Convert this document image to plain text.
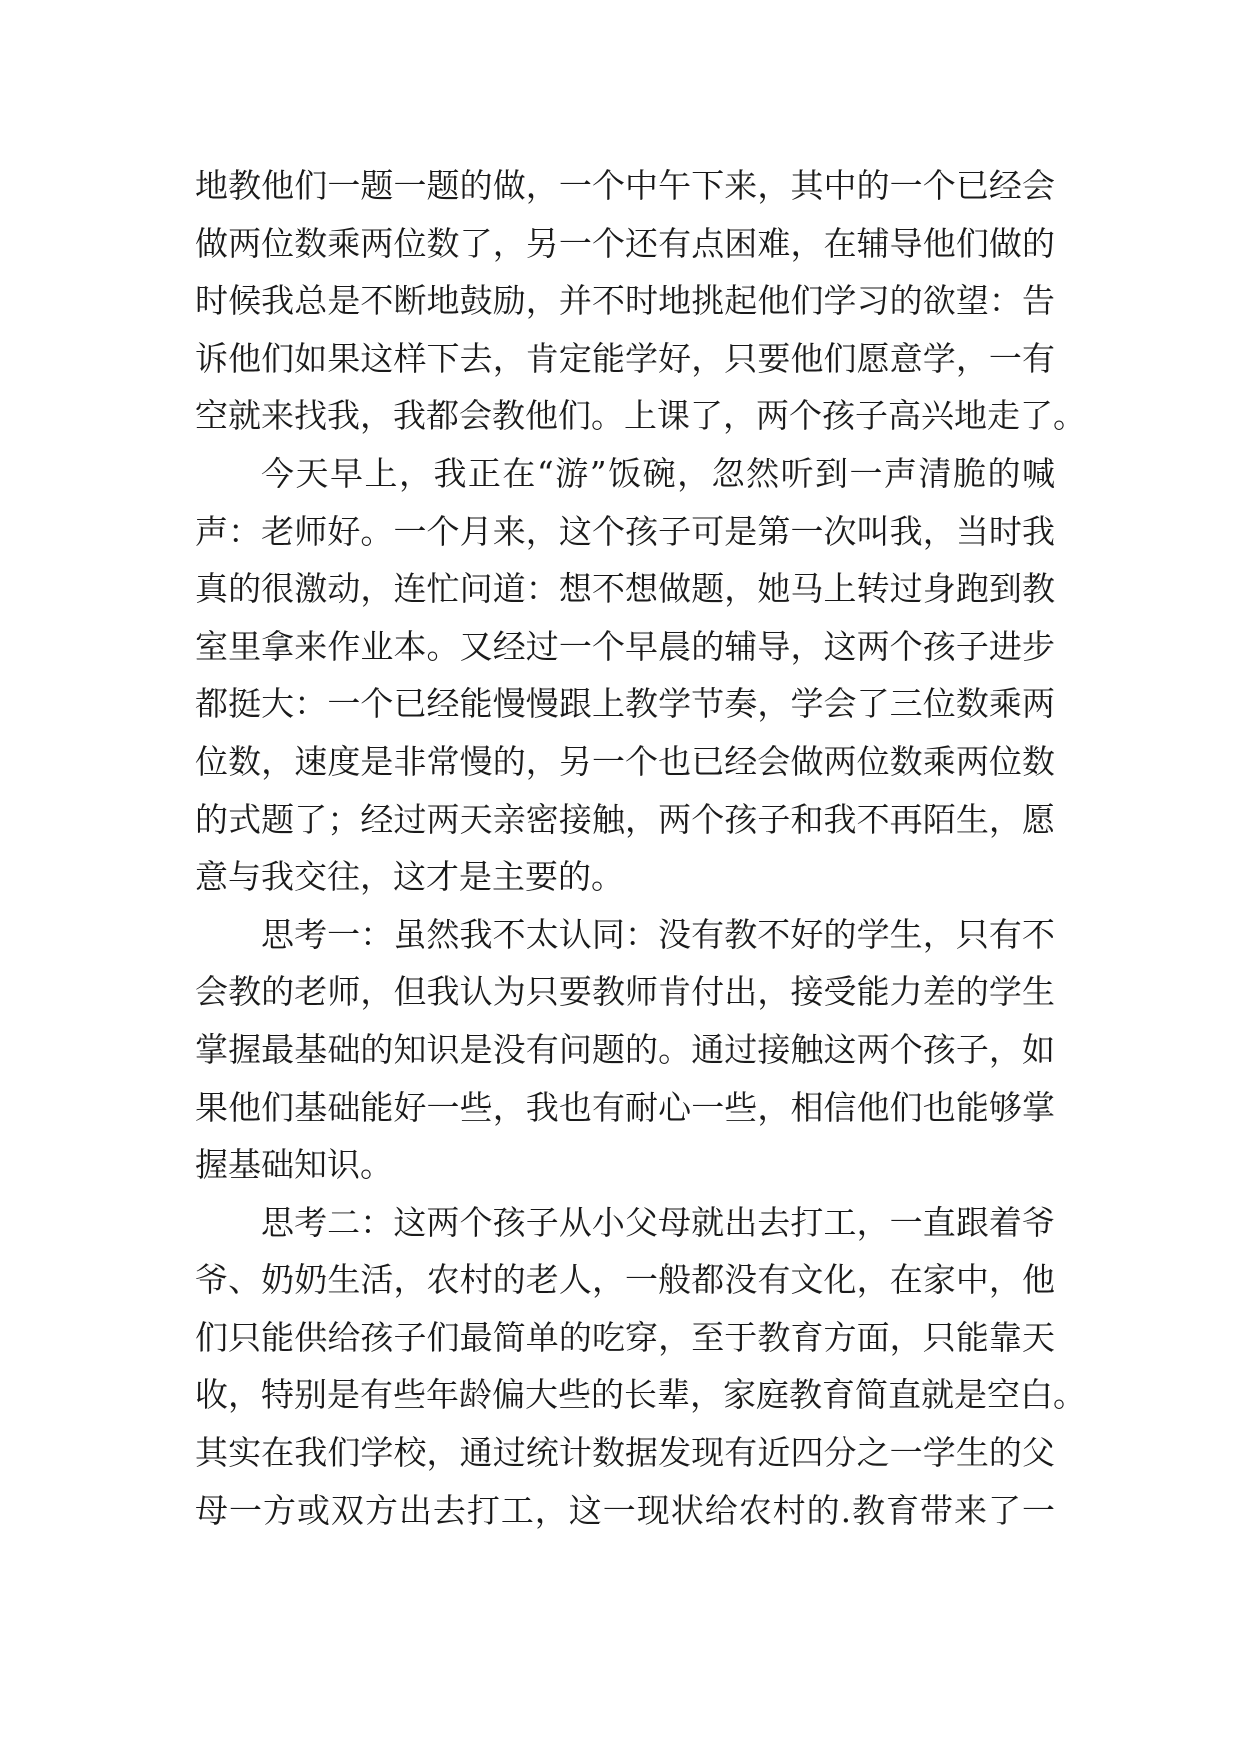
地教他们一题一题的做，一个中午下来，其中的一个已经会
做两位数乘两位数了，另一个还有点困难，在辅导他们做的
时候我总是不断地鼓励，并不时地挑起他们学习的欲望：告
诉他们如果这样下去，肯定能学好，只要他们愿意学，一有
空就来找我，我都会教他们。上课了，两个孩子高兴地走了。
今天早上，我正在“游”饭碗，忽然听到一声清脆的喊
声：老师好。一个月来，这个孩子可是第一次叫我，当时我
真的很激动，连忙问道：想不想做题，她马上转过身跑到教
室里拿来作业本。又经过一个早晨的辅导，这两个孩子进步
都挺大：一个已经能慢慢跟上教学节奏，学会了三位数乘两
位数，速度是非常慢的，另一个也已经会做两位数乘两位数
的式题了；经过两天亲密接触，两个孩子和我不再陌生，愿
意与我交往，这才是主要的。
思考一：虽然我不太认同：没有教不好的学生，只有不
会教的老师，但我认为只要教师肯付出，接受能力差的学生
掌握最基础的知识是没有问题的。通过接触这两个孩子，如
果他们基础能好一些，我也有耐心一些，相信他们也能够掌
握基础知识。
思考二：这两个孩子从小父母就出去打工，一直跟着爷
爷、奶奶生活，农村的老人，一般都没有文化，在家中，他
们只能供给孩子们最简单的吃穿，至于教育方面，只能靠天
收，特别是有些年龄偏大些的长辈，家庭教育简直就是空白。
其实在我们学校，通过统计数据发现有近四分之一学生的父
母一方或双方出去打工，这一现状给农村的.教育带来了一
